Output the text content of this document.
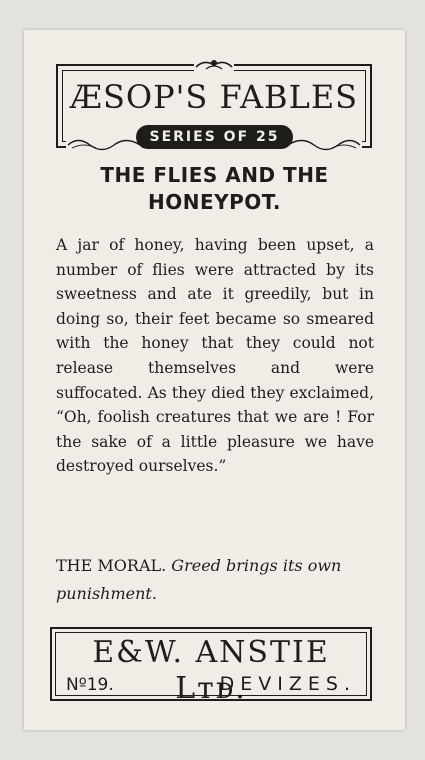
ÆSOP'S FABLES
SERIES OF 25
THE FLIES AND THE
HONEYPOT.
A jar of honey, having been upset, a number of flies were attracted by its sweetness and ate it greedily, but in doing so, their feet became so smeared with the honey that they could not release themselves and were suffocated. As they died they exclaimed, “Oh, foolish creatures that we are ! For the sake of a little pleasure we have destroyed ourselves.”
THE MORAL. Greed brings its own punishment.
E&W. ANSTIE Lᴛᴅ.
Nº19.	DEVIZES.
